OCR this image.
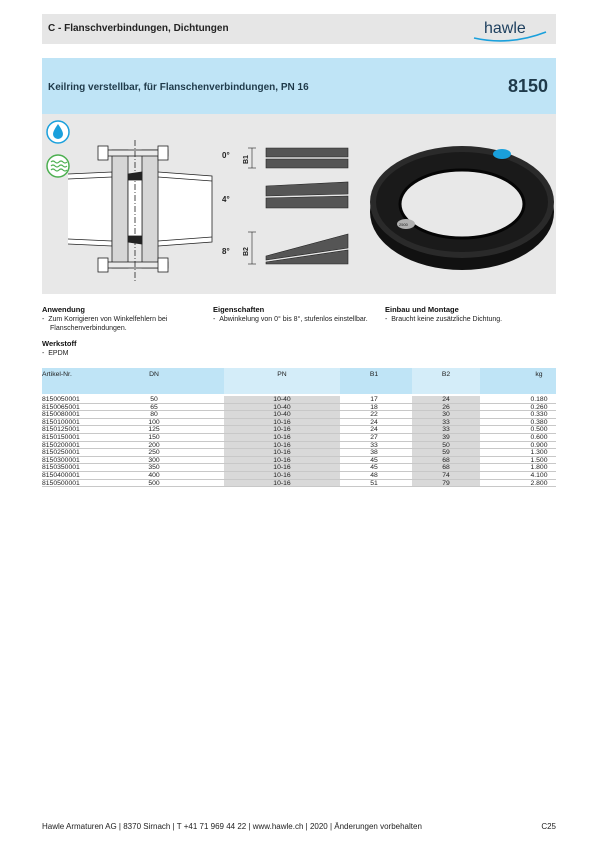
C - Flanschverbindungen, Dichtungen	hawle
Keilring verstellbar, für Flanschenverbindungen, PN 16	8150
0°
4°
8°
B1
B2
2500
Anwendung
-  Zum Korrigieren von Winkelfehlern bei Flanschenverbindungen.
Eigenschaften
-  Abwinkelung von 0° bis 8°, stufenlos einstellbar.
Einbau und Montage
-  Braucht keine zusätzliche Dichtung.
Werkstoff
-  EPDM
Artikel-Nr.	DN	PN	B1	B2	kg
8150050001	50	10-40	17	24	0.180
8150065001	65	10-40	18	26	0.260
8150080001	80	10-40	22	30	0.330
8150100001	100	10-16	24	33	0.380
8150125001	125	10-16	24	33	0.500
8150150001	150	10-16	27	39	0.600
8150200001	200	10-16	33	50	0.900
8150250001	250	10-16	38	59	1.300
8150300001	300	10-16	45	68	1.500
8150350001	350	10-16	45	68	1.800
8150400001	400	10-16	48	74	4.100
8150500001	500	10-16	51	79	2.800
Hawle Armaturen AG | 8370 Sirnach | T +41 71 969 44 22 | www.hawle.ch | 2020 | Änderungen vorbehalten	C25
